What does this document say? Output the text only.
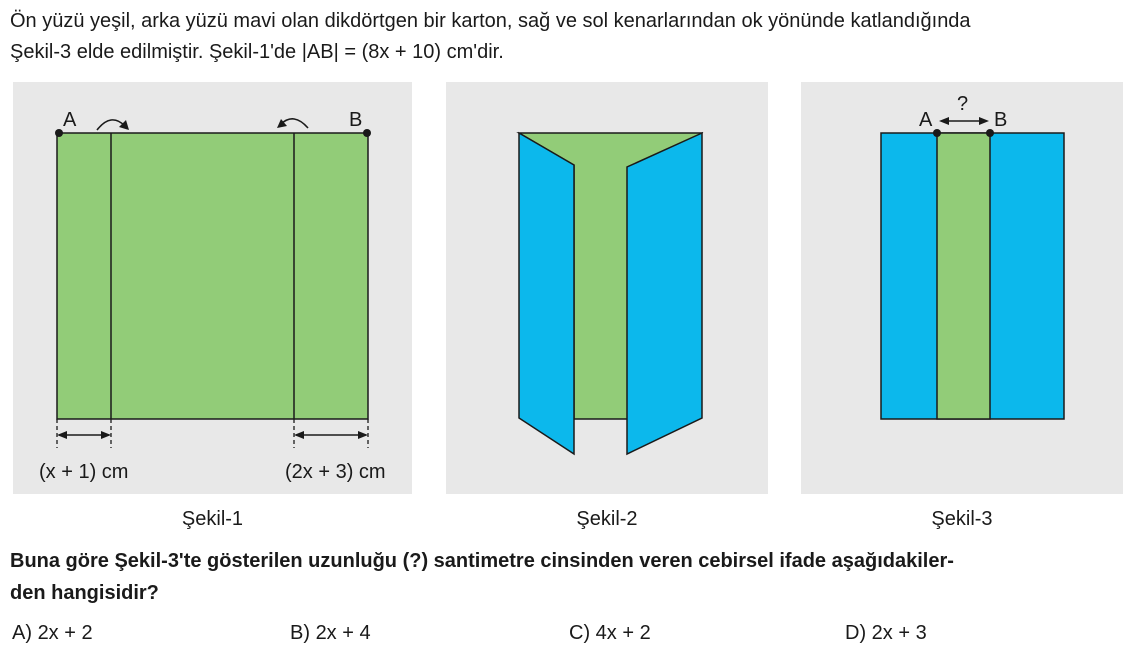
Ön yüzü yeşil, arka yüzü mavi olan dikdörtgen bir karton, sağ ve sol kenarlarından ok yönünde katlandığında
Şekil-3 elde edilmiştir. Şekil-1'de |AB| = (8x + 10) cm'dir.
A	B
(x + 1) cm	(2x + 3) cm
Şekil-1	Şekil-2
A	B
?
Şekil-3
Buna göre Şekil-3'te gösterilen uzunluğu (?) santimetre cinsinden veren cebirsel ifade aşağıdakiler-
den hangisidir?
A) 2x + 2	B) 2x + 4	C) 4x + 2	D) 2x + 3
